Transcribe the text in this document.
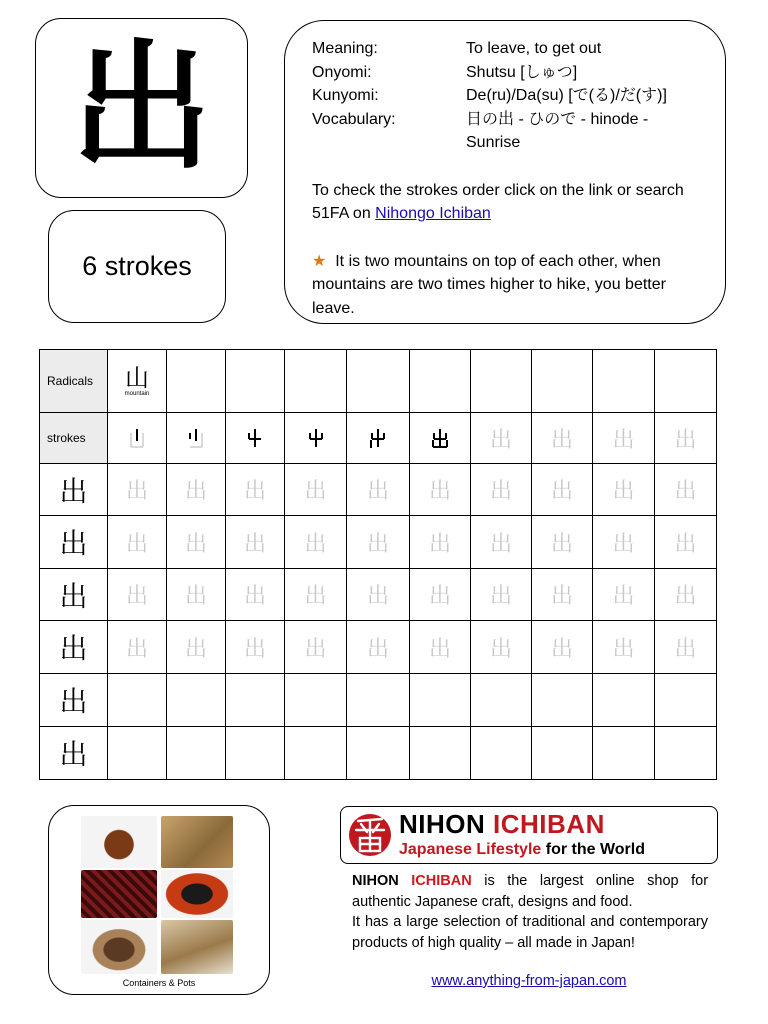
出
6 strokes
Meaning:	To leave, to get out
Onyomi:	Shutsu [しゅつ]
Kunyomi:	De(ru)/Da(su) [で(る)/だ(す)]
Vocabulary:	日の出 - ひので - hinode - Sunrise
To check the strokes order click on the link or search 51FA on Nihongo Ichiban
★ It is two mountains on top of each other, when mountains are two times higher to hike, you better leave.
Radicals	山
mountain									

strokes							出	出	出	出
出	出	出	出	出	出	出	出	出	出	出
出	出	出	出	出	出	出	出	出	出	出
出	出	出	出	出	出	出	出	出	出	出
出	出	出	出	出	出	出	出	出	出	出
出										
出										
Containers & Pots
NIHON ICHIBAN
Japanese Lifestyle for the World
NIHON ICHIBAN is the largest online shop for authentic Japanese craft, designs and food.
It has a large selection of traditional and contemporary products of high quality – all made in Japan!
www.anything-from-japan.com
